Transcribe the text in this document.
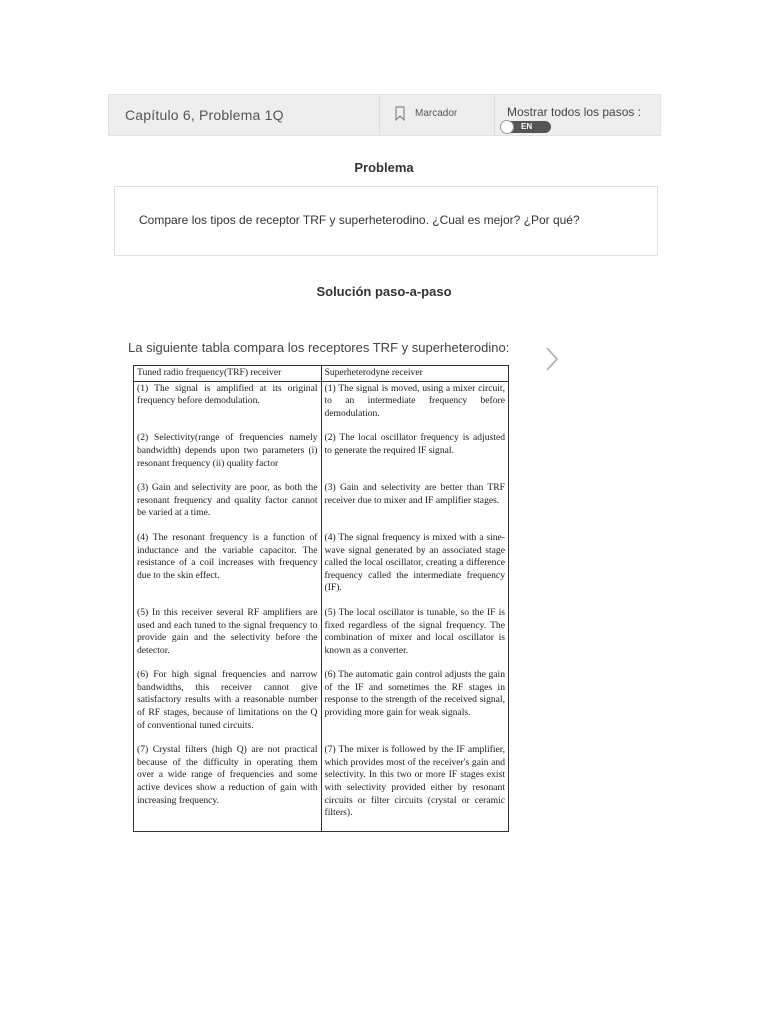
Capítulo 6, Problema 1Q	Marcador	Mostrar todos los pasos :
EN
Problema
Compare los tipos de receptor TRF y superheterodino. ¿Cual es mejor? ¿Por qué?
Solución paso-a-paso
La siguiente tabla compara los receptores TRF y superheterodino:
Tuned radio frequency(TRF) receiver	Superheterodyne receiver
(1) The signal is amplified at its original frequency before demodulation.	(1) The signal is moved, using a mixer circuit, to an intermediate frequency before demodulation.
(2) Selectivity(range of frequencies namely bandwidth) depends upon two parameters (i) resonant frequency (ii) quality factor	(2) The local oscillator frequency is adjusted to generate the required IF signal.
(3) Gain and selectivity are poor, as both the resonant frequency and quality factor cannot be varied at a time.	(3) Gain and selectivity are better than TRF receiver due to mixer and IF amplifier stages.
(4) The resonant frequency is a function of inductance and the variable capacitor. The resistance of a coil increases with frequency due to the skin effect.	(4) The signal frequency is mixed with a sine-wave signal generated by an associated stage called the local oscillator, creating a difference frequency called the intermediate frequency (IF).
(5) In this receiver several RF amplifiers are used and each tuned to the signal frequency to provide gain and the selectivity before the detector.	(5) The local oscillator is tunable, so the IF is fixed regardless of the signal frequency. The combination of mixer and local oscillator is known as a converter.
(6) For high signal frequencies and narrow bandwidths, this receiver cannot give satisfactory results with a reasonable number of RF stages, because of limitations on the Q of conventional tuned circuits.	(6) The automatic gain control adjusts the gain of the IF and sometimes the RF stages in response to the strength of the received signal, providing more gain for weak signals.
(7) Crystal filters (high Q) are not practical because of the difficulty in operating them over a wide range of frequencies and some active devices show a reduction of gain with increasing frequency.	(7) The mixer is followed by the IF amplifier, which provides most of the receiver's gain and selectivity. In this two or more IF stages exist with selectivity provided either by resonant circuits or filter circuits (crystal or ceramic filters).
